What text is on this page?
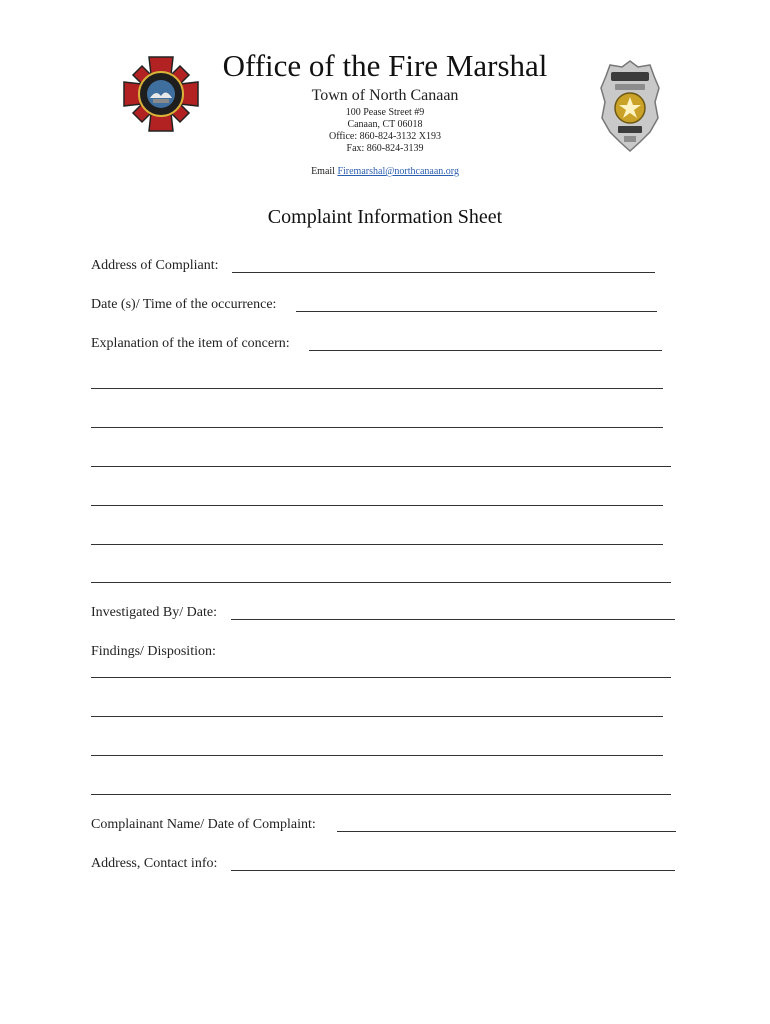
Office of the Fire Marshal
Town of North Canaan
100 Pease Street #9
Canaan, CT 06018
Office: 860-824-3132 X193
Fax: 860-824-3139
Email Firemarshal@northcanaan.org
Complaint Information Sheet
Address of Compliant:
Date (s)/ Time of the occurrence:
Explanation of the item of concern:
Investigated By/ Date:
Findings/ Disposition:
Complainant Name/ Date of Complaint:
Address, Contact info:
